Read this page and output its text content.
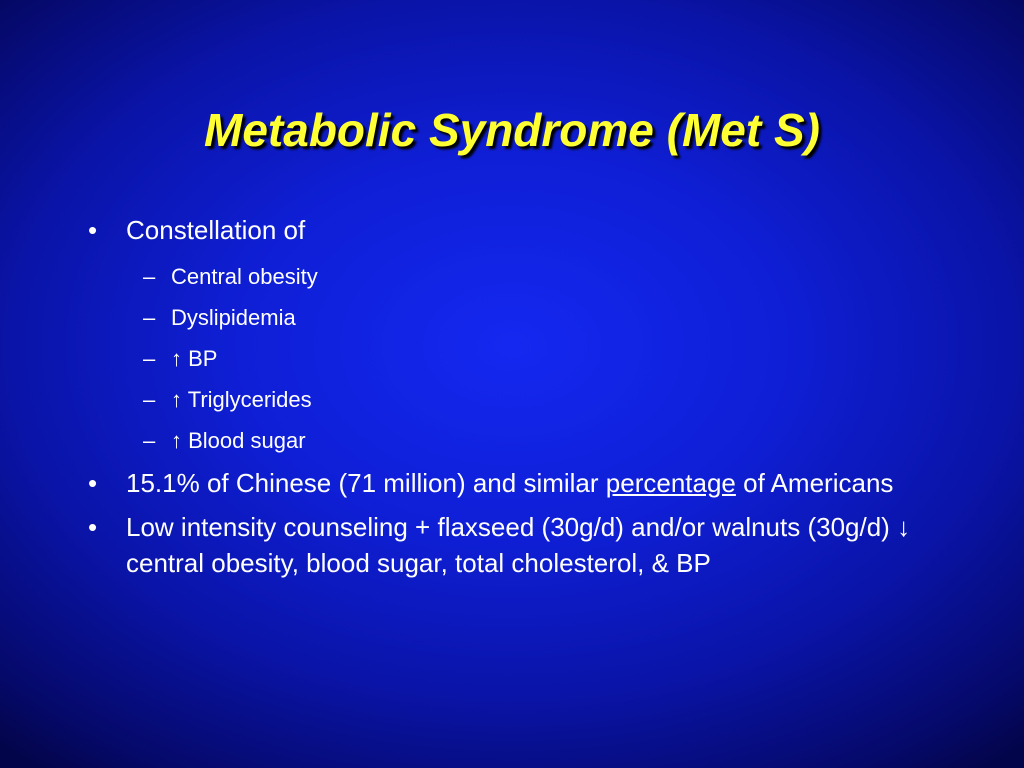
Metabolic Syndrome (Met S)
• Constellation of
– Central obesity
– Dyslipidemia
– ↑ BP
– ↑ Triglycerides
– ↑ Blood sugar
• 15.1% of Chinese (71 million) and similar percentage of Americans
• Low intensity counseling + flaxseed (30g/d) and/or walnuts (30g/d) ↓ central obesity, blood sugar, total cholesterol, & BP
